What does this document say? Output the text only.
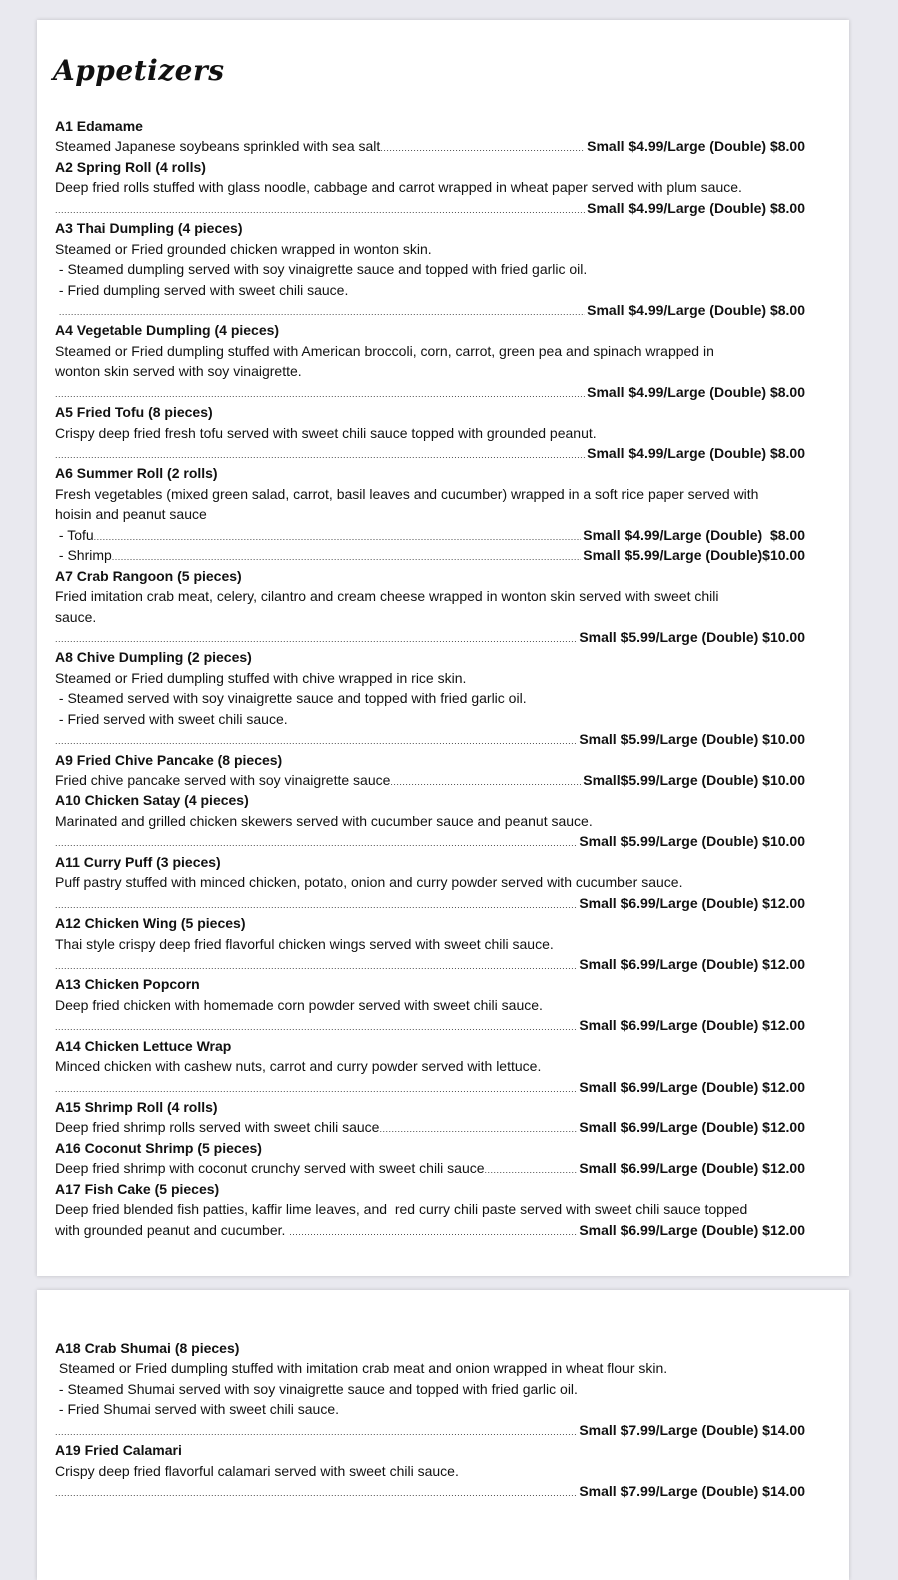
Appetizers
A1 Edamame
Steamed Japanese soybeans sprinkled with sea salt .....	Small $4.99/Large (Double) $8.00
A2 Spring Roll (4 rolls)
Deep fried rolls stuffed with glass noodle, cabbage and carrot wrapped in wheat paper served with plum sauce.
.....
Small $4.99/Large (Double) $8.00
A3 Thai Dumpling (4 pieces)
Steamed or Fried grounded chicken wrapped in wonton skin.
- Steamed dumpling served with soy vinaigrette sauce and topped with fried garlic oil.
- Fried dumpling served with sweet chili sauce.

.....
Small $4.99/Large (Double) $8.00
A4 Vegetable Dumpling (4 pieces)
Steamed or Fried dumpling stuffed with American broccoli, corn, carrot, green pea and spinach wrapped in
wonton skin served with soy vinaigrette.
.....
Small $4.99/Large (Double) $8.00
A5 Fried Tofu (8 pieces)
Crispy deep fried fresh tofu served with sweet chili sauce topped with grounded peanut.
.....
Small $4.99/Large (Double) $8.00
A6 Summer Roll (2 rolls)
Fresh vegetables (mixed green salad, carrot, basil leaves and cucumber) wrapped in a soft rice paper served with
hoisin and peanut sauce
- Tofu .....	Small $4.99/Large (Double)  $8.00
- Shrimp .....	Small $5.99/Large (Double)$10.00
A7 Crab Rangoon (5 pieces)
Fried imitation crab meat, celery, cilantro and cream cheese wrapped in wonton skin served with sweet chili
sauce.
.....
Small $5.99/Large (Double) $10.00
A8 Chive Dumpling (2 pieces)
Steamed or Fried dumpling stuffed with chive wrapped in rice skin.
- Steamed served with soy vinaigrette sauce and topped with fried garlic oil.
- Fried served with sweet chili sauce.
.....
Small $5.99/Large (Double) $10.00
A9 Fried Chive Pancake (8 pieces)
Fried chive pancake served with soy vinaigrette sauce .....	Small$5.99/Large (Double) $10.00
A10 Chicken Satay (4 pieces)
Marinated and grilled chicken skewers served with cucumber sauce and peanut sauce.
.....
Small $5.99/Large (Double) $10.00
A11 Curry Puff (3 pieces)
Puff pastry stuffed with minced chicken, potato, onion and curry powder served with cucumber sauce.
.....
Small $6.99/Large (Double) $12.00
A12 Chicken Wing (5 pieces)
Thai style crispy deep fried flavorful chicken wings served with sweet chili sauce.
.....
Small $6.99/Large (Double) $12.00
A13 Chicken Popcorn
Deep fried chicken with homemade corn powder served with sweet chili sauce.
.....
Small $6.99/Large (Double) $12.00
A14 Chicken Lettuce Wrap
Minced chicken with cashew nuts, carrot and curry powder served with lettuce.
.....
Small $6.99/Large (Double) $12.00
A15 Shrimp Roll (4 rolls)
Deep fried shrimp rolls served with sweet chili sauce .....	Small $6.99/Large (Double) $12.00
A16 Coconut Shrimp (5 pieces)
Deep fried shrimp with coconut crunchy served with sweet chili sauce .....	Small $6.99/Large (Double) $12.00
A17 Fish Cake (5 pieces)
Deep fried blended fish patties, kaffir lime leaves, and  red curry chili paste served with sweet chili sauce topped
with grounded peanut and cucumber. .....	Small $6.99/Large (Double) $12.00
A18 Crab Shumai (8 pieces)
Steamed or Fried dumpling stuffed with imitation crab meat and onion wrapped in wheat flour skin.
- Steamed Shumai served with soy vinaigrette sauce and topped with fried garlic oil.
- Fried Shumai served with sweet chili sauce.
.....
Small $7.99/Large (Double) $14.00
A19 Fried Calamari
Crispy deep fried flavorful calamari served with sweet chili sauce.
.....
Small $7.99/Large (Double) $14.00
